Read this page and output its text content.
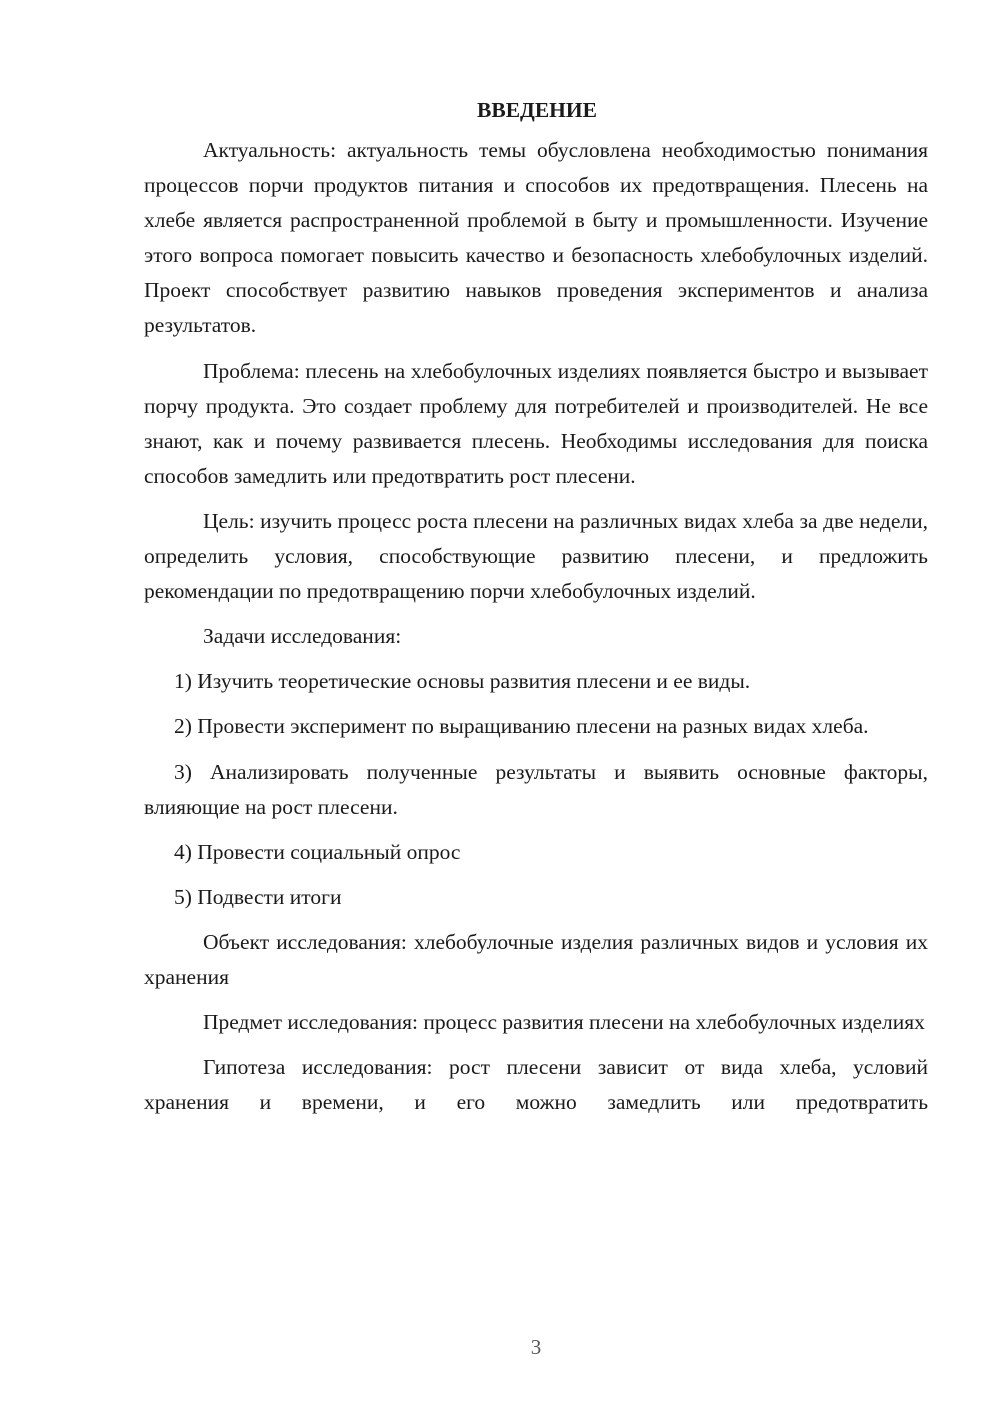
ВВЕДЕНИЕ

Актуальность: актуальность темы обусловлена необходимостью понимания процессов порчи продуктов питания и способов их предотвращения. Плесень на хлебе является распространенной проблемой в быту и промышленности. Изучение этого вопроса помогает повысить качество и безопасность хлебобулочных изделий. Проект способствует развитию навыков проведения экспериментов и анализа результатов.

Проблема: плесень на хлебобулочных изделиях появляется быстро и вызывает порчу продукта. Это создает проблему для потребителей и производителей. Не все знают, как и почему развивается плесень. Необходимы исследования для поиска способов замедлить или предотвратить рост плесени.

Цель: изучить процесс роста плесени на различных видах хлеба за две недели, определить условия, способствующие развитию плесени, и предложить рекомендации по предотвращению порчи хлебобулочных изделий.

Задачи исследования:

1) Изучить теоретические основы развития плесени и ее виды.

2) Провести эксперимент по выращиванию плесени на разных видах хлеба.

3) Анализировать полученные результаты и выявить основные факторы, влияющие на рост плесени.

4) Провести социальный опрос

5) Подвести итоги

Объект исследования: хлебобулочные изделия различных видов и условия их хранения

Предмет исследования: процесс развития плесени на хлебобулочных изделиях

Гипотеза исследования: рост плесени зависит от вида хлеба, условий хранения и времени, и его можно замедлить или предотвратить

3
